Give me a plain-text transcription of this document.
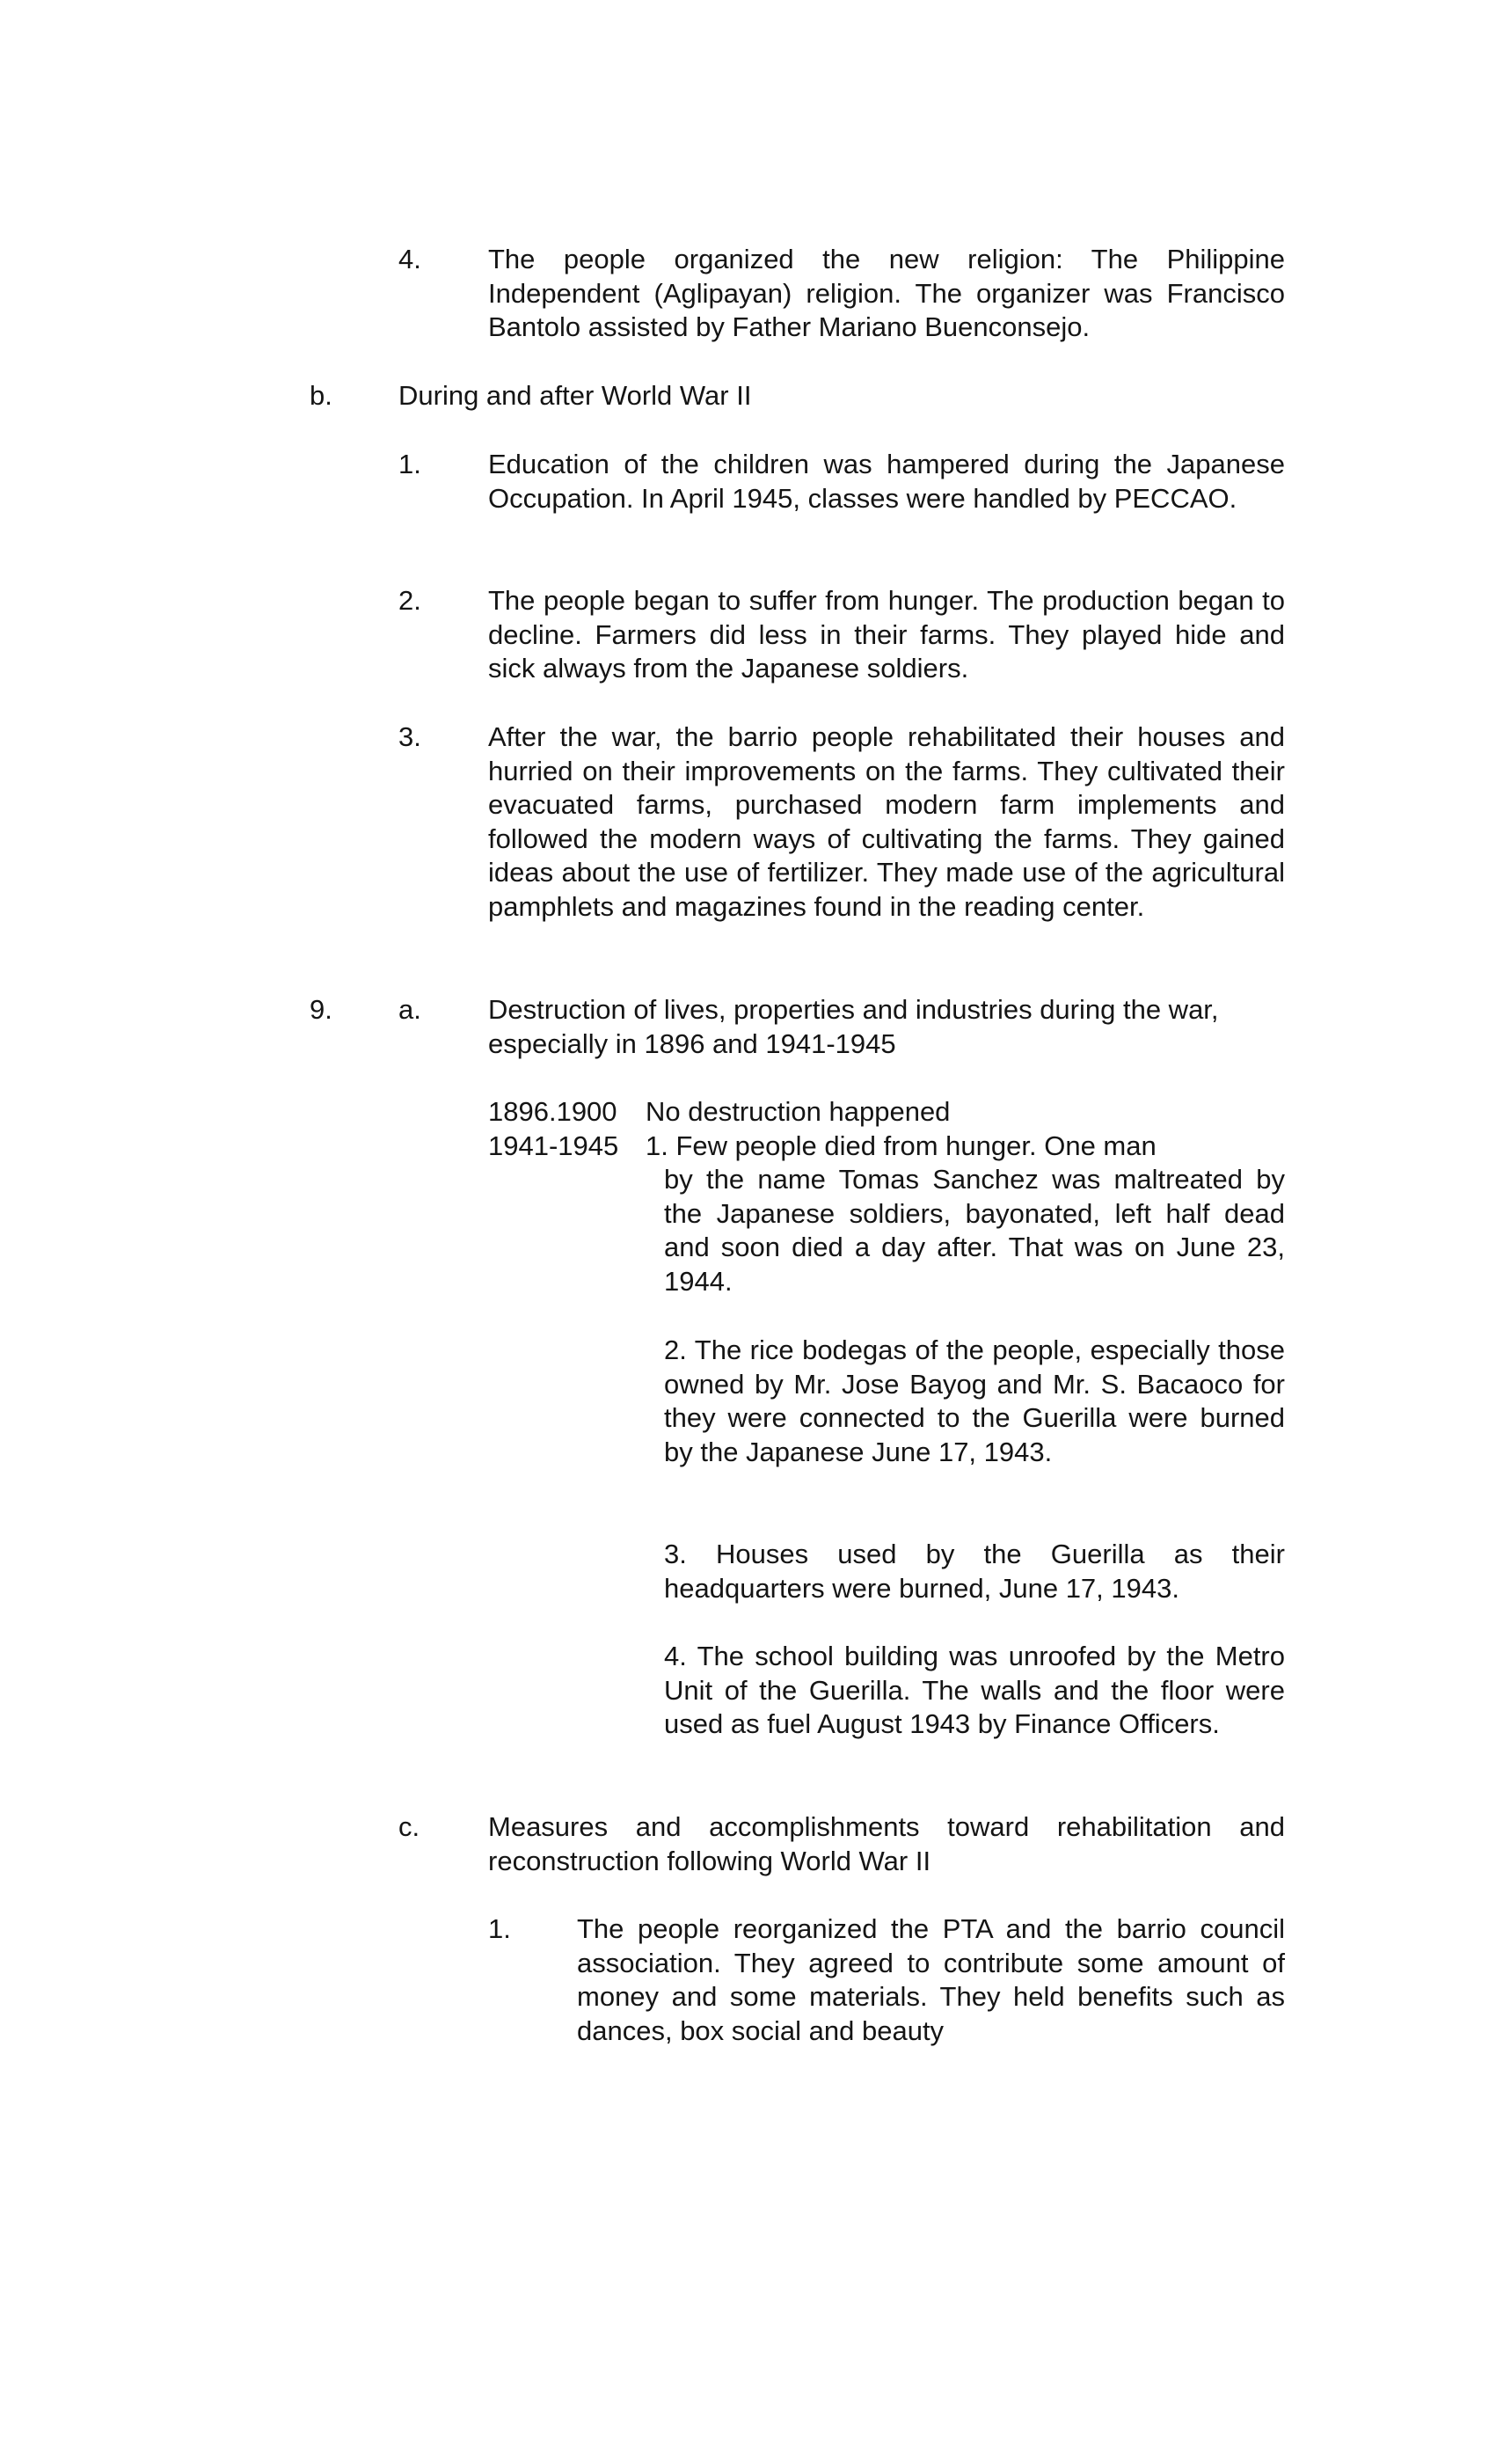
4. The people organized the new religion: The Philippine Independent (Aglipayan) religion. The organizer was Francisco Bantolo assisted by Father Mariano Buenconsejo.

b. During and after World War II
1. Education of the children was hampered during the Japanese Occupation. In April 1945, classes were handled by PECCAO.

2. The people began to suffer from hunger. The production began to decline. Farmers did less in their farms. They played hide and sick always from the Japanese soldiers.

3. After the war, the barrio people rehabilitated their houses and hurried on their improvements on the farms. They cultivated their evacuated farms, purchased modern farm implements and followed the modern ways of cultivating the farms. They gained ideas about the use of fertilizer. They made use of the agricultural pamphlets and magazines found in the reading center.

9. a. Destruction of lives, properties and industries during the war, especially in 1896 and 1941-1945

1896.1900 No destruction happened
1941-1945 1. Few people died from hunger. One man

by the name Tomas Sanchez was maltreated by the Japanese soldiers, bayonated, left half dead and soon died a day after. That was on June 23, 1944.

2. The rice bodegas of the people, especially those owned by Mr. Jose Bayog and Mr. S. Bacaoco for they were connected to the Guerilla were burned by the Japanese June 17, 1943.

3. Houses used by the Guerilla as their headquarters were burned, June 17, 1943.

4. The school building was unroofed by the Metro Unit of the Guerilla. The walls and the floor were used as fuel August 1943 by Finance Officers.

c.	Measures and accomplishments toward rehabilitation and reconstruction following World War II

1. The people reorganized the PTA and the barrio council association. They agreed to contribute some amount of money and some materials. They held benefits such as dances, box social and beauty
